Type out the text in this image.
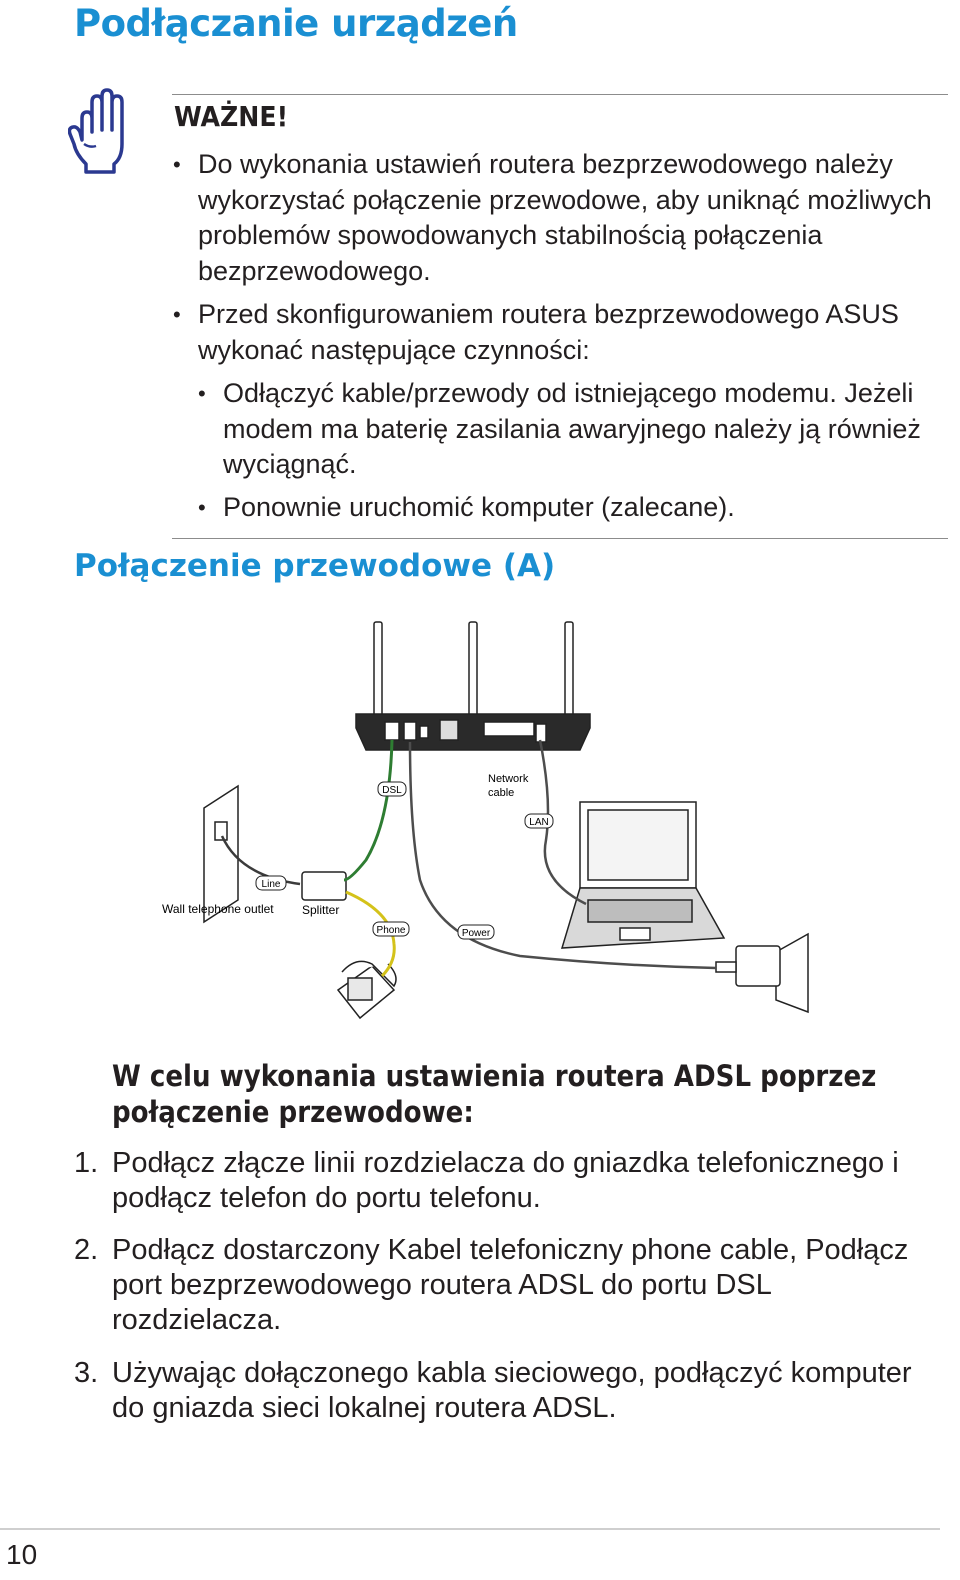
Podłączanie urządzeń
WAŻNE!
• Do wykonania ustawień routera bezprzewodowego należy wykorzystać połączenie przewodowe, aby uniknąć możliwych problemów spowodowanych stabilnością połączenia bezprzewodowego.
• Przed skonfigurowaniem routera bezprzewodowego ASUS wykonać następujące czynności:
• Odłączyć kable/przewody od istniejącego modemu. Jeżeli modem ma baterię zasilania awaryjnego należy ją również wyciągnąć.
• Ponownie uruchomić komputer (zalecane).
Połączenie przewodowe (A)
DSL
Network
cable
LAN
Line
Wall telephone outlet Splitter
Phone	Power
W celu wykonania ustawienia routera ADSL poprzez połączenie przewodowe:
1. Podłącz złącze linii rozdzielacza do gniazdka telefonicznego i podłącz telefon do portu telefonu.
2. Podłącz dostarczony Kabel telefoniczny phone cable, Podłącz port bezprzewodowego routera ADSL do portu DSL rozdzielacza.
3. Używając dołączonego kabla sieciowego, podłączyć komputer do gniazda sieci lokalnej routera ADSL.
10
